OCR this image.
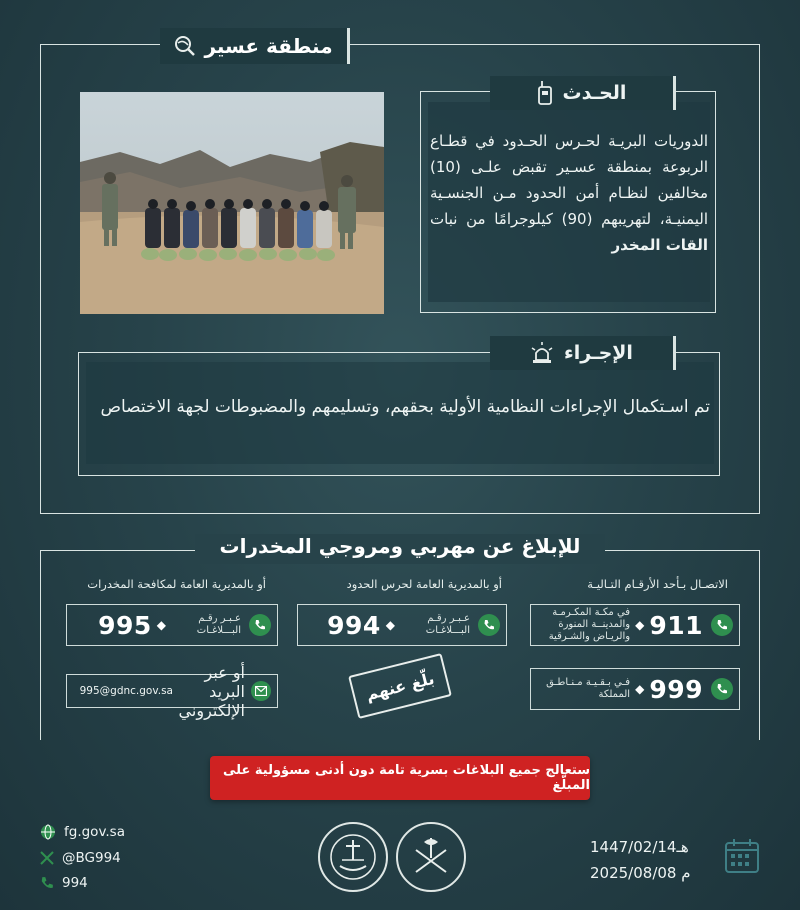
منطقة عسير
الحـدث
الدوريات البريـة لحـرس الحـدود في قطـاع الربوعة بمنطقة عسـير تقبض علـى (10) مخالفين لنظـام أمن الحدود مـن الجنسـية اليمنيـة، لتهريبهم (90) كيلوجرامًا من نبات القات المخدر
الإجـراء
تم اسـتكمال الإجراءات النظامية الأولية بحقهم، وتسليمهم والمضبوطات لجهة الاختصاص
للإبلاغ عن مهربي ومروجي المخدرات
الاتصـال بـأحد الأرقـام التـاليـة
أو بالمديرية العامة لحرس الحدود
أو بالمديرية العامة لمكافحة المخدرات
911
◆
في مكـة المكـرمـة والمدينــة المنورة والريـاض والشـرقية
عـبـر رقـم البـــلاغـات
◆
994
عـبـر رقـم البـــلاغـات
◆
995
999
◆
فـي بـقـيـة مـنـاطـق المملكة
أو عبر البريد الإلكتروني
995@gdnc.gov.sa	بلّغ عنهم
ستعالج جميع البلاغات بسرية تامة دون أدنى مسؤولية على المبلّغ
fg.gov.sa
@BG994
994
1447/02/14هـ
2025/08/08 م
